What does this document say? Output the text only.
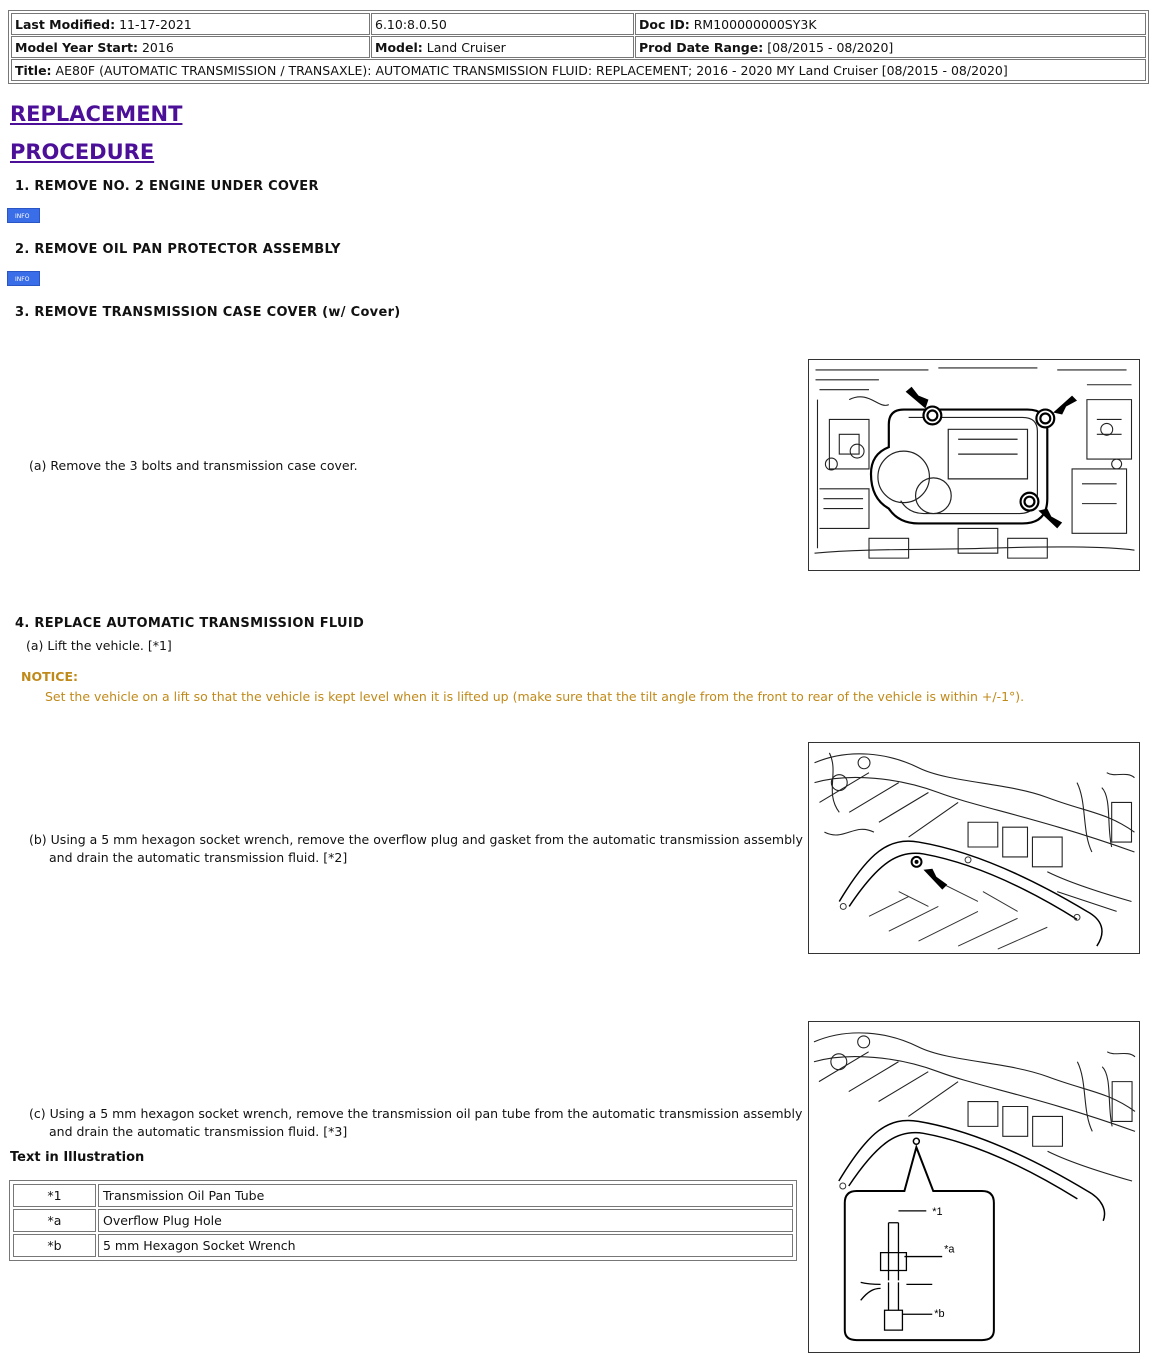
Last Modified: 11-17-2021	6.10:8.0.50	Doc ID: RM100000000SY3K
Model Year Start: 2016	Model: Land Cruiser	Prod Date Range: [08/2015 - 08/2020]
Title: AE80F (AUTOMATIC TRANSMISSION / TRANSAXLE): AUTOMATIC TRANSMISSION FLUID: REPLACEMENT; 2016 - 2020 MY Land Cruiser [08/2015 - 08/2020]		
REPLACEMENT
PROCEDURE
1. REMOVE NO. 2 ENGINE UNDER COVER
INFO
2. REMOVE OIL PAN PROTECTOR ASSEMBLY
INFO
3. REMOVE TRANSMISSION CASE COVER (w/ Cover)
(a) Remove the 3 bolts and transmission case cover.
4. REPLACE AUTOMATIC TRANSMISSION FLUID
(a) Lift the vehicle. [*1]
NOTICE:
Set the vehicle on a lift so that the vehicle is kept level when it is lifted up (make sure that the tilt angle from the front to rear of the vehicle is within +/-1°).
(b) Using a 5 mm hexagon socket wrench, remove the overflow plug and gasket from the automatic transmission assembly
and drain the automatic transmission fluid. [*2]
(c) Using a 5 mm hexagon socket wrench, remove the transmission oil pan tube from the automatic transmission assembly
and drain the automatic transmission fluid. [*3]
Text in Illustration
*1	Transmission Oil Pan Tube
*a	Overflow Plug Hole
*b	5 mm Hexagon Socket Wrench
*1
*a
*b
